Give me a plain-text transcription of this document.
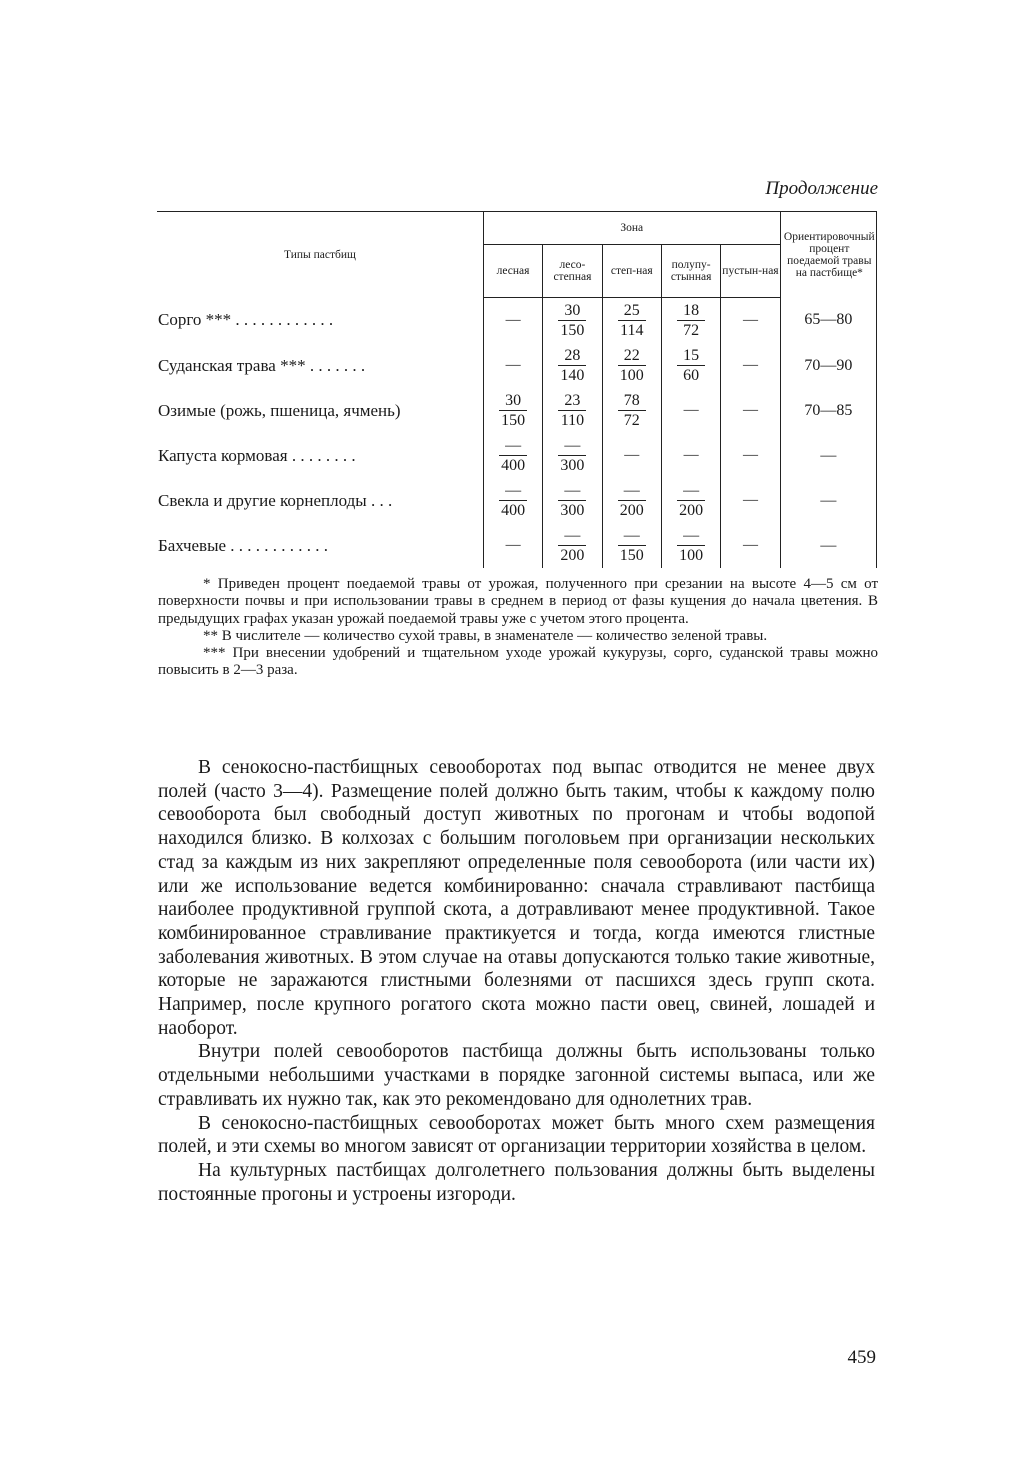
Продолжение
Типы пастбищ	Зона					Ориентировочный процент поедаемой травы на пастбище*
	лесная	лесо-степная	степ-ная	полупу-стынная	пустын-ная	
Сорго *** . . . . . . . . . . . .	—	$\frac{30}{150}$	$\frac{25}{114}$	$\frac{18}{72}$	—	65—80
Суданская трава *** . . . . . . .	—	$\frac{28}{140}$	$\frac{22}{100}$	$\frac{15}{60}$	—	70—90
Озимые (рожь, пшеница, ячмень)	$\frac{30}{150}$	$\frac{23}{110}$	$\frac{78}{72}$	—	—	70—85
Капуста кормовая . . . . . . . .	$\frac{—}{400}$	$\frac{—}{300}$	—	—	—	—
Свекла и другие корнеплоды . . .	$\frac{—}{400}$	$\frac{—}{300}$	$\frac{—}{200}$	$\frac{—}{200}$	—	—
Бахчевые . . . . . . . . . . . .	—	$\frac{—}{200}$	$\frac{—}{150}$	$\frac{—}{100}$	—	—

* Приведен процент поедаемой травы от урожая, полученного при срезании на высоте 4—5 см от поверхности почвы и при использовании травы в среднем в период от фазы кущения до начала цветения. В предыдущих графах указан урожай поедаемой травы уже с учетом этого процента.

** В числителе — количество сухой травы, в знаменателе — количество зеленой травы.

*** При внесении удобрений и тщательном уходе урожай кукурузы, сорго, суданской травы можно повысить в 2—3 раза.

В сенокосно-пастбищных севооборотах под выпас отводится не менее двух полей (часто 3—4). Размещение полей должно быть таким, чтобы к каждому полю севооборота был свободный доступ животных по прогонам и чтобы водопой находился близко. В колхозах с большим поголовьем при организации нескольких стад за каждым из них закрепляют определенные поля севооборота (или части их) или же использование ведется комбинированно: сначала стравливают пастбища наиболее продуктивной группой скота, а дотравливают менее продуктивной. Такое комбинированное стравливание практикуется и тогда, когда имеются глистные заболевания животных. В этом случае на отавы допускаются только такие животные, которые не заражаются глистными болезнями от пасшихся здесь групп скота. Например, после крупного рогатого скота можно пасти овец, свиней, лошадей и наоборот.

Внутри полей севооборотов пастбища должны быть использованы только отдельными небольшими участками в порядке загонной системы выпаса, или же стравливать их нужно так, как это рекомендовано для однолетних трав.

В сенокосно-пастбищных севооборотах может быть много схем размещения полей, и эти схемы во многом зависят от организации территории хозяйства в целом.

На культурных пастбищах долголетнего пользования должны быть выделены постоянные прогоны и устроены изгороди.

459
